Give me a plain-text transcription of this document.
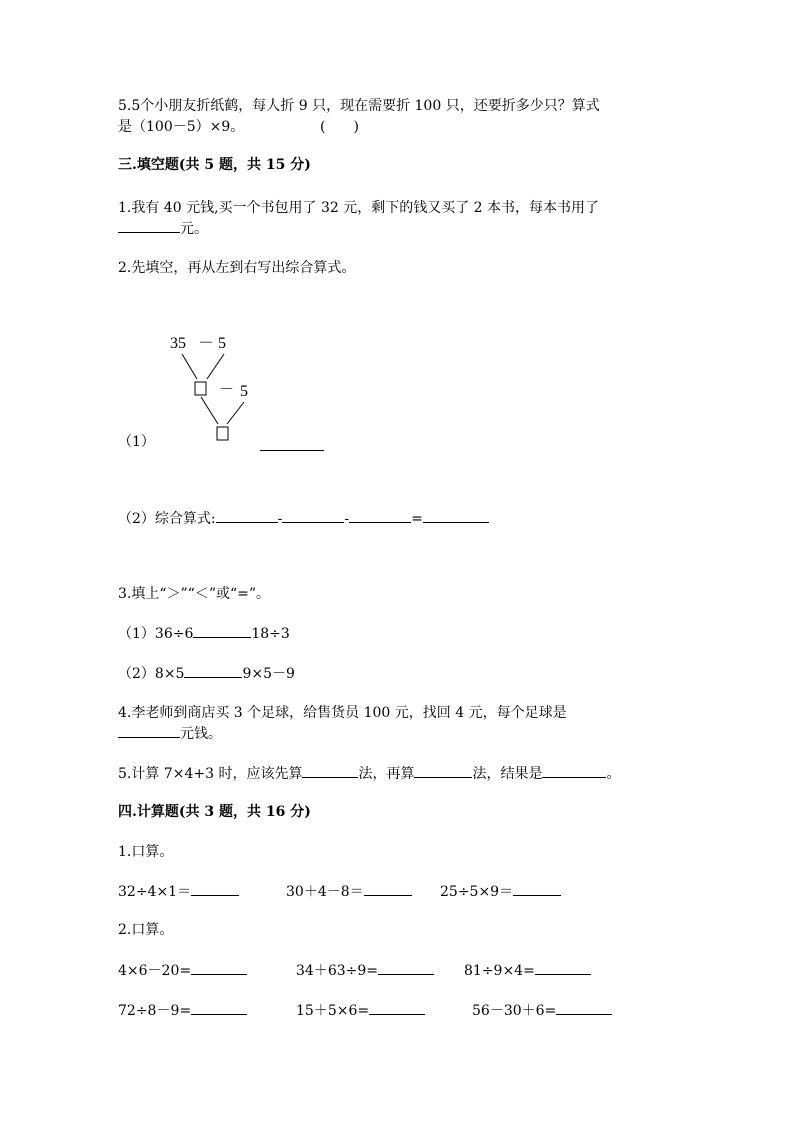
5.5个小朋友折纸鹤，每人折 9 只，现在需要折 100 只，还要折多少只？算式
是（100－5）×9。	(　　)
三.填空题(共 5 题，共 15 分)
1.我有 40 元钱,买一个书包用了 32 元，剩下的钱又买了 2 本书，每本书用了
元。
2.先填空，再从左到右写出综合算式。
35 － 5
－ 5
（1）
（2）综合算式:	-	-	=
3.填上“＞”“＜”或“=”。
（1）36÷6	18÷3
（2）8×5	9×5－9
4.李老师到商店买 3 个足球，给售货员 100 元，找回 4 元，每个足球是
元钱。
5.计算 7×4+3 时，应该先算	法，再算	法，结果是	。
四.计算题(共 3 题，共 16 分)
1.口算。
32÷4×1＝	30＋4－8＝	25÷5×9＝
2.口算。
4×6－20=	34＋63÷9=	81÷9×4=
72÷8－9=	15＋5×6=	56－30＋6=
